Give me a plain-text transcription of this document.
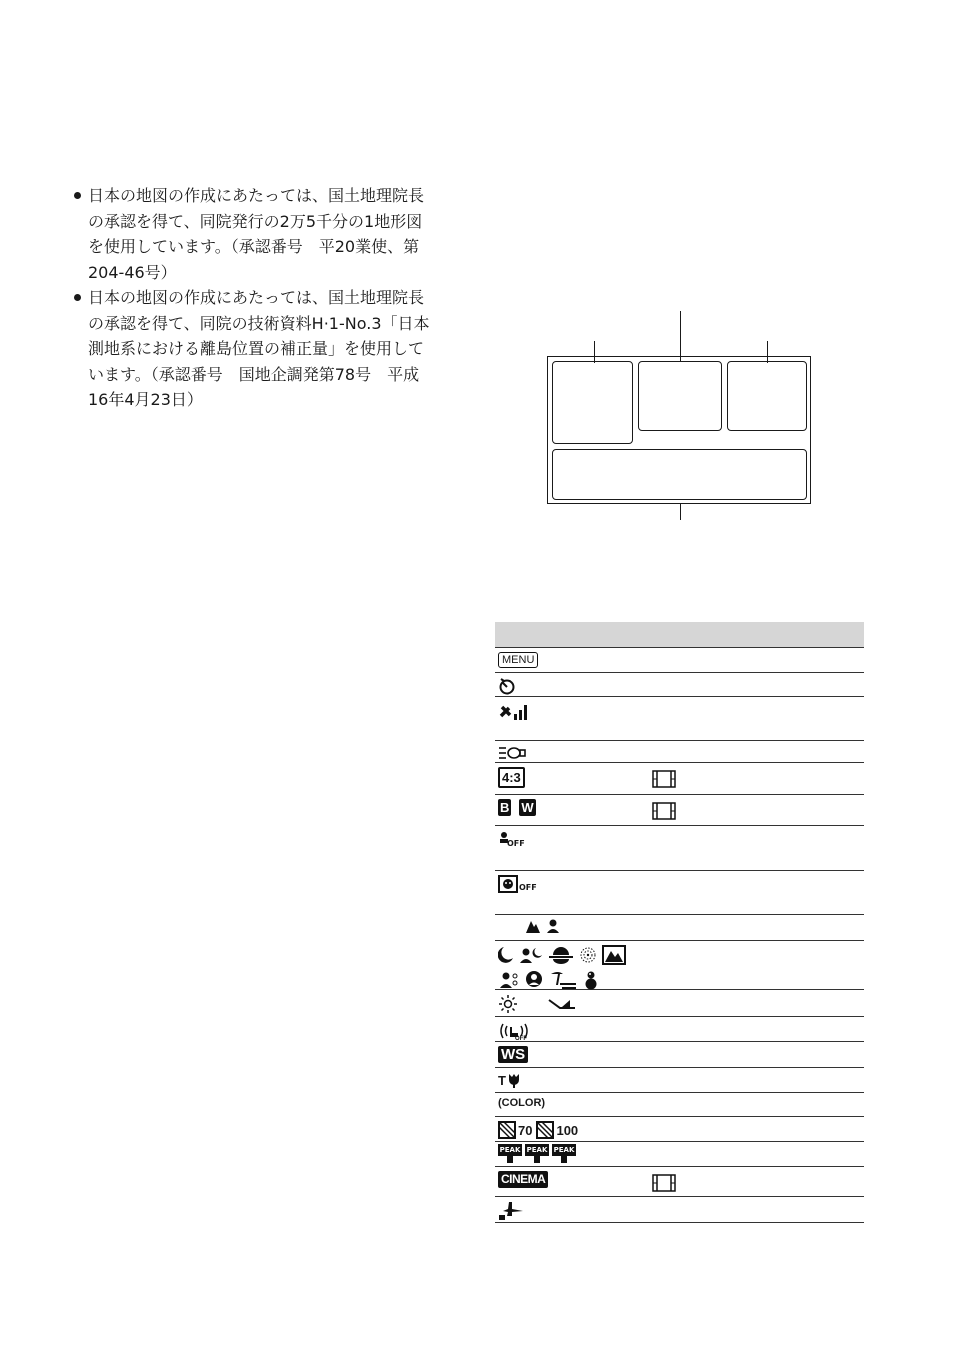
日本の地図の作成にあたっては、国土地理院長
の承認を得て、同院発行の2万5千分の1地形図
を使用しています。（承認番号　平20業使、第
204-46号）
日本の地図の作成にあたっては、国土地理院長
の承認を得て、同院の技術資料H·1-No.3「日本
測地系における離島位置の補正量」を使用して
います。（承認番号　国地企調発第78号　平成
16年4月23日）
MENU
4:3
B W
OFF
OFF
OFF
WS
T
(COLOR)
70 100
PEAK PEAK PEAK
CINEMA
